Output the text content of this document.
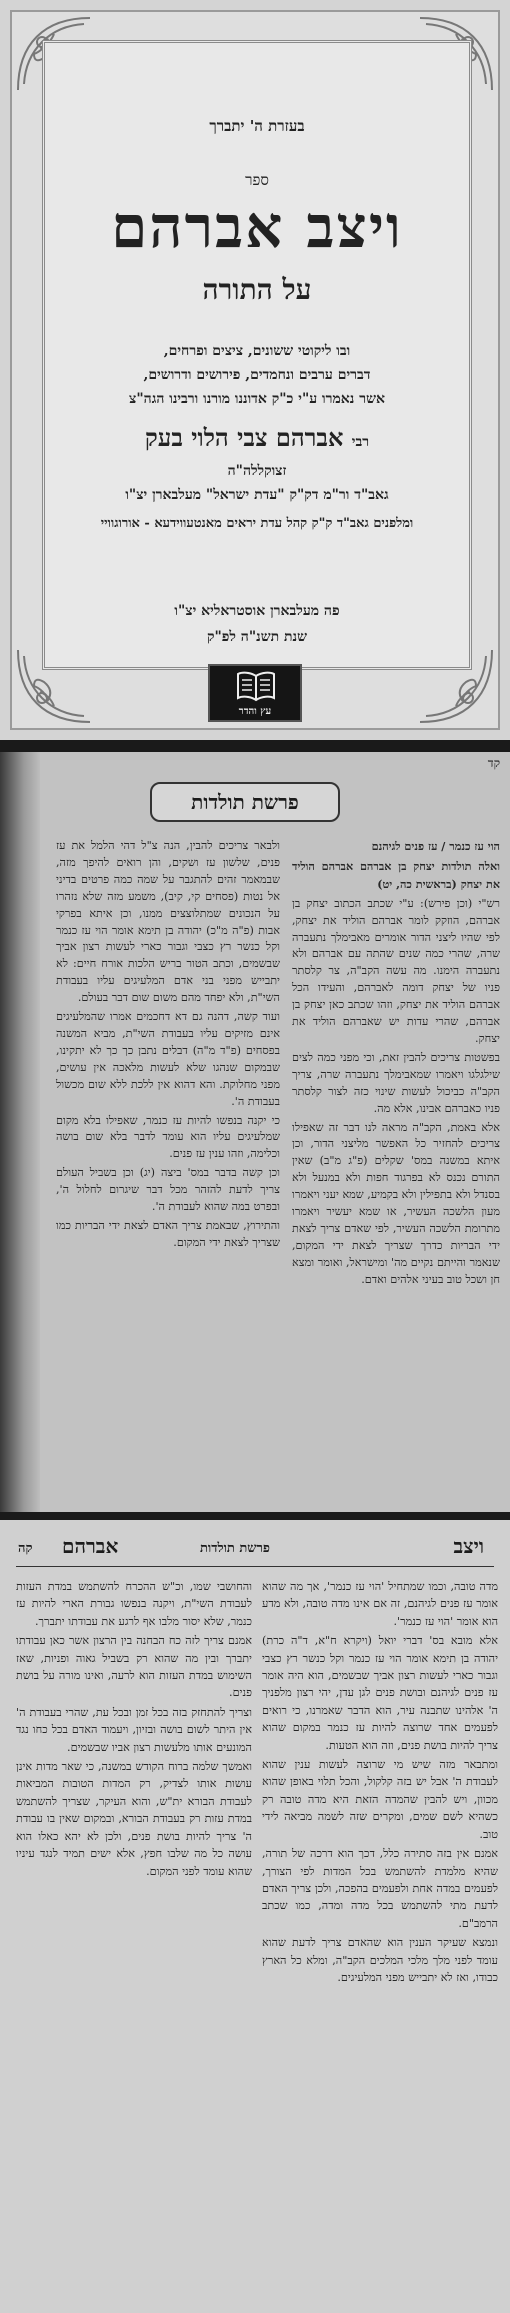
בעזרת ה' יתברך
ספר
ויצב אברהם
על התורה
ובו ליקוטי ששונים, ציצים ופרחים,
דברים ערבים ונחמדים, פירושים ודרושים,
אשר נאמרו ע"י כ"ק אדוננו מורנו ורבינו הגה"צ
רבי אברהם צבי הלוי בעק
זצוקללה"ה
גאב"ד ור"מ דק"ק "עדת ישראל" מעלבארן יצ"ו
ומלפנים גאב"ד ק"ק קהל עדת יראים מאנטעווידעא - אורוגוויי
פה מעלבארן אוסטראליא יצ"ו
שנת תשנ"ה לפ"ק
עץ והדר
קד
פרשת תולדות

הוי עז כנמר / עז פנים לגיהנם

ואלה תולדות יצחק בן אברהם אברהם הוליד את יצחק (בראשית כה, יט)

רש"י (וכן פירש): ע"י שכתב הכתוב יצחק בן אברהם, הוזקק לומר אברהם הוליד את יצחק, לפי שהיו ליצני הדור אומרים מאבימלך נתעברה שרה, שהרי כמה שנים שהתה עם אברהם ולא נתעברה הימנו. מה עשה הקב"ה, צר קלסתר פניו של יצחק דומה לאברהם, והעידו הכל אברהם הוליד את יצחק, וזהו שכתב כאן יצחק בן אברהם, שהרי עדות יש שאברהם הוליד את יצחק.

בפשטות צריכים להבין זאת, וכי מפני כמה לצים שילגלגו ויאמרו שמאבימלך נתעברה שרה, צריך הקב"ה כביכול לעשות שינוי כזה לצור קלסתר פניו כאברהם אבינו, אלא מה.

אלא באמת, הקב"ה מראה לנו דבר זה שאפילו צריכים להחזיר כל האפשר מליצני הדור, וכן איתא במשנה במס' שקלים (פ"ג מ"ב) שאין התורם נכנס לא בפרגוד חפות ולא במנעל ולא בסנדל ולא בתפילין ולא בקמיע, שמא יעני ויאמרו מעון הלשכה העשיר, או שמא יעשיר ויאמרו מתרומת הלשכה העשיר, לפי שאדם צריך לצאת ידי הבריות כדרך שצריך לצאת ידי המקום, שנאמר והייתם נקיים מה' ומישראל, ואומר ומצא חן ושכל טוב בעיני אלהים ואדם.

ולבאר צריכים להבין, הנה צ"ל דהי הלמל את עז פנים, שלשון עז ושקים, והן רואים להיפך מזה, שבמאמר זהים להתגבר על שמה כמה פרטים בדיני אל נטות (פסחים קי, קיב), משמע מזה שלא נזהרו על הנכונים שמתלוצצים ממנו, וכן איתא בפרקי אבות (פ"ה מ"כ) יהודה בן תימא אומר הוי עז כנמר וקל כנשר רץ כצבי וגבור כארי לעשות רצון אביך שבשמים, וכתב הטור בריש הלכות אורח חיים: לא יתבייש מפני בני אדם המלעיגים עליו בעבודת השי"ת, ולא יפחד מהם משום שום דבר בעולם.

ועוד קשה, דהנה גם דא דחכמים אמרו שהמלעיגים אינם מזיקים עליו בעבודת השי"ת, מביא המשנה בפסחים (פ"ד מ"ה) דבלים נתבן כך כך לא יתקינו, שבמקום שנהגו שלא לעשות מלאכה אין עושים, מפני מחלוקת. והא דהוא אין ללכת ללא שום מכשול בעבודת ה'.

כי יקנה בנפשו להיות עז כנמר, שאפילו בלא מקום שמלעיגים עליו הוא עומד לדבר בלא שום בושה וכלימה, וזהו ענין עז פנים.

וכן קשה בדבר במס' ביצה (יג) וכן בשביל העולם צריך לדעת להזהר מכל דבר שיגרום לחלול ה', ובפרט במה שהוא לעבודת ה'.

והתירוץ, שבאמת צריך האדם לצאת ידי הבריות כמו שצריך לצאת ידי המקום.

ויצב
פרשת תולדות
אברהם
קה

מדה טובה, וכמו שמתחיל 'הוי עז כנמר', אך מה שהוא אומר עז פנים לגיהנם, זה אם אינו מדה טובה, ולא מדע הוא אומר 'הוי עז כנמר'.

אלא מובא בס' דברי יואל (ויקרא ח"א, ד"ה כרת) יהודה בן תימא אומר הוי עז כנמר וקל כנשר רץ כצבי וגבור כארי לעשות רצון אביך שבשמים, הוא היה אומר עז פנים לגיהנם ובושת פנים לגן עדן, יהי רצון מלפניך ה' אלהינו שתבנה עיר, הוא הדבר שאמרנו, כי רואים לפעמים אחד שרוצה להיות עז כנמר במקום שהוא צריך להיות בושת פנים, וזה הוא הטעות.

ומתבאר מזה שיש מי שרוצה לעשות ענין שהוא לעבודת ה' אבל יש בזה קלקול, והכל תלוי באופן שהוא מכוון, ויש להבין שהמדה הזאת היא מדה טובה רק כשהיא לשם שמים, ומקרים שזה לשמה מביאה לידי טוב.

אמנם אין בזה סתירה כלל, דכך הוא דרכה של תורה, שהיא מלמדת להשתמש בכל המדות לפי הצורך, לפעמים במדה אחת ולפעמים בהפכה, ולכן צריך האדם לדעת מתי להשתמש בכל מדה ומדה, כמו שכתב הרמב"ם.

ונמצא שעיקר הענין הוא שהאדם צריך לדעת שהוא עומד לפני מלך מלכי המלכים הקב"ה, ומלא כל הארץ כבודו, ואז לא יתבייש מפני המלעיגים.

והחושבי שמו, וכ"ש ההכרח להשתמש במדת העזות לעבודת השי"ת, ויקנה בנפשו גבורת הארי להיות עז כנמר, שלא יסור מלבו אף לרגע את עבודתו יתברך.

אמנם צריך לזה כח הבחנה בין הרצון אשר כאן עבודתו יתברך ובין מה שהוא רק בשביל גאוה ופניות, שאז השימוש במדת העזות הוא לרעה, ואינו מורה על בושת פנים.

וצריך להתחזק בזה בכל זמן ובכל עת, שהרי בעבודת ה' אין היתר לשום בושה ובזיון, ויעמוד האדם בכל כחו נגד המונעים אותו מלעשות רצון אביו שבשמים.

ואמשך שלמה ברוח הקודש במשנה, כי שאר מדות אינן עושות אותו לצדיק, רק המדות הטובות המביאות לעבודת הבורא ית"ש, והוא העיקר, שצריך להשתמש במדת עזות רק בעבודת הבורא, ובמקום שאין בו עבודת ה' צריך להיות בושת פנים, ולכן לא יהא כאלו הוא עושה כל מה שלבו חפץ, אלא ישים תמיד לנגד עיניו שהוא עומד לפני המקום.
